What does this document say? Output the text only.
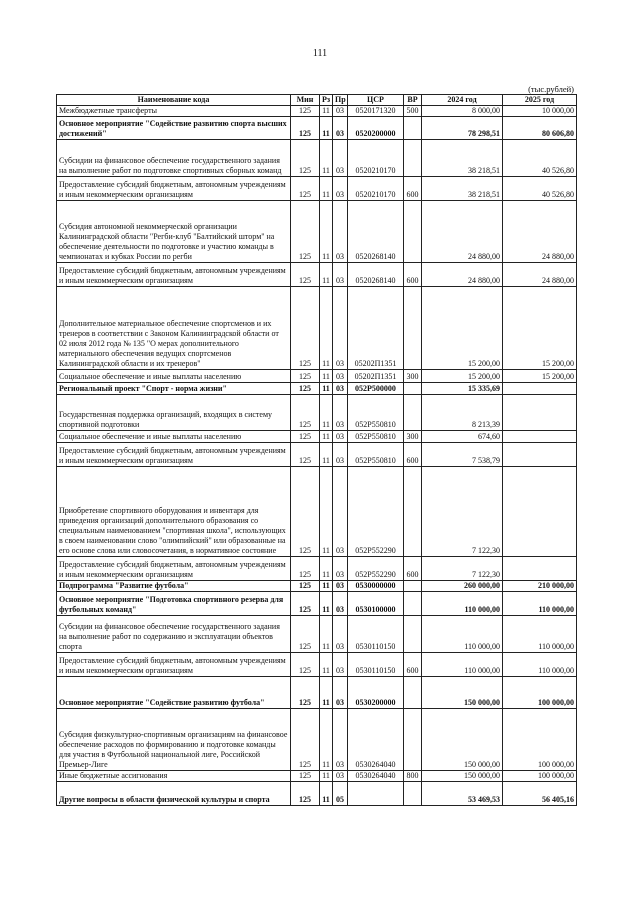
111
(тыс.рублей)
Наименование кода	Мин	Рз	Пр	ЦСР	ВР	2024 год	2025 год

Межбюджетные трансферты	125	11	03	0520171320	500	8 000,00	10 000,00

Основное мероприятие "Содействие развитию спорта высших достижений"	125	11	03	0520200000		78 298,51	80 606,80

Субсидии на финансовое обеспечение государственного задания на выполнение работ по подготовке спортивных сборных команд	125	11	03	0520210170		38 218,51	40 526,80

Предоставление субсидий бюджетным, автономным учреждениям и иным некоммерческим организациям	125	11	03	0520210170	600	38 218,51	40 526,80

Субсидия автономной некоммерческой организации Калининградской области "Регби-клуб "Балтийский шторм" на обеспечение деятельности по подготовке и участию команды в чемпионатах и кубках России по регби	125	11	03	0520268140		24 880,00	24 880,00

Предоставление субсидий бюджетным, автономным учреждениям и иным некоммерческим организациям	125	11	03	0520268140	600	24 880,00	24 880,00

Дополнительное материальное обеспечение спортсменов и их тренеров в соответствии с Законом Калининградской области от 02 июля 2012 года № 135 "О мерах дополнительного материального обеспечения ведущих спортсменов Калининградской области и их тренеров"	125	11	03	05202П1351		15 200,00	15 200,00

Социальное обеспечение и иные выплаты населению	125	11	03	05202П1351	300	15 200,00	15 200,00

Региональный проект "Спорт - норма жизни"	125	11	03	052Р500000		15 335,69	

Государственная поддержка организаций, входящих в систему спортивной подготовки	125	11	03	052Р550810		8 213,39	

Социальное обеспечение и иные выплаты населению	125	11	03	052Р550810	300	674,60	

Предоставление субсидий бюджетным, автономным учреждениям и иным некоммерческим организациям	125	11	03	052Р550810	600	7 538,79	

Приобретение спортивного оборудования и инвентаря для приведения организаций дополнительного образования со специальным наименованием "спортивная школа", использующих в своем наименовании слово "олимпийский" или образованные на его основе слова или словосочетания, в нормативное состояние	125	11	03	052Р552290		7 122,30	

Предоставление субсидий бюджетным, автономным учреждениям и иным некоммерческим организациям	125	11	03	052Р552290	600	7 122,30	

Подпрограмма "Развитие футбола"	125	11	03	0530000000		260 000,00	210 000,00

Основное мероприятие "Подготовка спортивного резерва для футбольных команд"	125	11	03	0530100000		110 000,00	110 000,00

Субсидии на финансовое обеспечение государственного задания на выполнение работ по содержанию и эксплуатации объектов спорта	125	11	03	0530110150		110 000,00	110 000,00

Предоставление субсидий бюджетным, автономным учреждениям и иным некоммерческим организациям	125	11	03	0530110150	600	110 000,00	110 000,00

Основное мероприятие "Содействие развитию футбола"	125	11	03	0530200000		150 000,00	100 000,00

Субсидия физкультурно-спортивным организациям на финансовое обеспечение расходов по формированию и подготовке команды для участия в Футбольной национальной лиге, Российской Премьер-Лиге	125	11	03	0530264040		150 000,00	100 000,00

Иные бюджетные ассигнования	125	11	03	0530264040	800	150 000,00	100 000,00

Другие вопросы в области физической культуры и спорта	125	11	05			53 469,53	56 405,16
